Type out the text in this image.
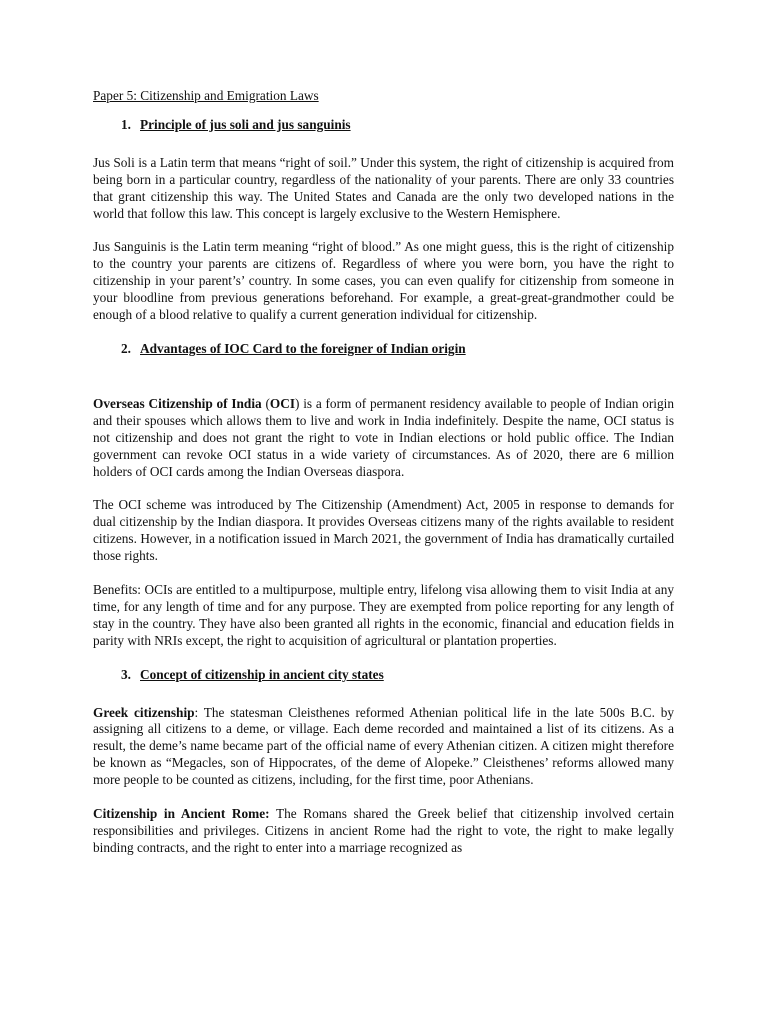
Paper 5: Citizenship and Emigration Laws
1. Principle of jus soli and jus sanguinis

Jus Soli is a Latin term that means “right of soil.” Under this system, the right of citizenship is acquired from being born in a particular country, regardless of the nationality of your parents. There are only 33 countries that grant citizenship this way. The United States and Canada are the only two developed nations in the world that follow this law. This concept is largely exclusive to the Western Hemisphere.

Jus Sanguinis is the Latin term meaning “right of blood.” As one might guess, this is the right of citizenship to the country your parents are citizens of. Regardless of where you were born, you have the right to citizenship in your parent’s’ country. In some cases, you can even qualify for citizenship from someone in your bloodline from previous generations beforehand. For example, a great-great-grandmother could be enough of a blood relative to qualify a current generation individual for citizenship.

2. Advantages of IOC Card to the foreigner of Indian origin

Overseas Citizenship of India (OCI) is a form of permanent residency available to people of Indian origin and their spouses which allows them to live and work in India indefinitely. Despite the name, OCI status is not citizenship and does not grant the right to vote in Indian elections or hold public office. The Indian government can revoke OCI status in a wide variety of circumstances. As of 2020, there are 6 million holders of OCI cards among the Indian Overseas diaspora.

The OCI scheme was introduced by The Citizenship (Amendment) Act, 2005 in response to demands for dual citizenship by the Indian diaspora. It provides Overseas citizens many of the rights available to resident citizens. However, in a notification issued in March 2021, the government of India has dramatically curtailed those rights.

Benefits: OCIs are entitled to a multipurpose, multiple entry, lifelong visa allowing them to visit India at any time, for any length of time and for any purpose. They are exempted from police reporting for any length of stay in the country. They have also been granted all rights in the economic, financial and education fields in parity with NRIs except, the right to acquisition of agricultural or plantation properties.

3. Concept of citizenship in ancient city states

Greek citizenship: The statesman Cleisthenes reformed Athenian political life in the late 500s B.C. by assigning all citizens to a deme, or village. Each deme recorded and maintained a list of its citizens. As a result, the deme’s name became part of the official name of every Athenian citizen. A citizen might therefore be known as “Megacles, son of Hippocrates, of the deme of Alopeke.” Cleisthenes’ reforms allowed many more people to be counted as citizens, including, for the first time, poor Athenians.

Citizenship in Ancient Rome: The Romans shared the Greek belief that citizenship involved certain responsibilities and privileges. Citizens in ancient Rome had the right to vote, the right to make legally binding contracts, and the right to enter into a marriage recognized as
